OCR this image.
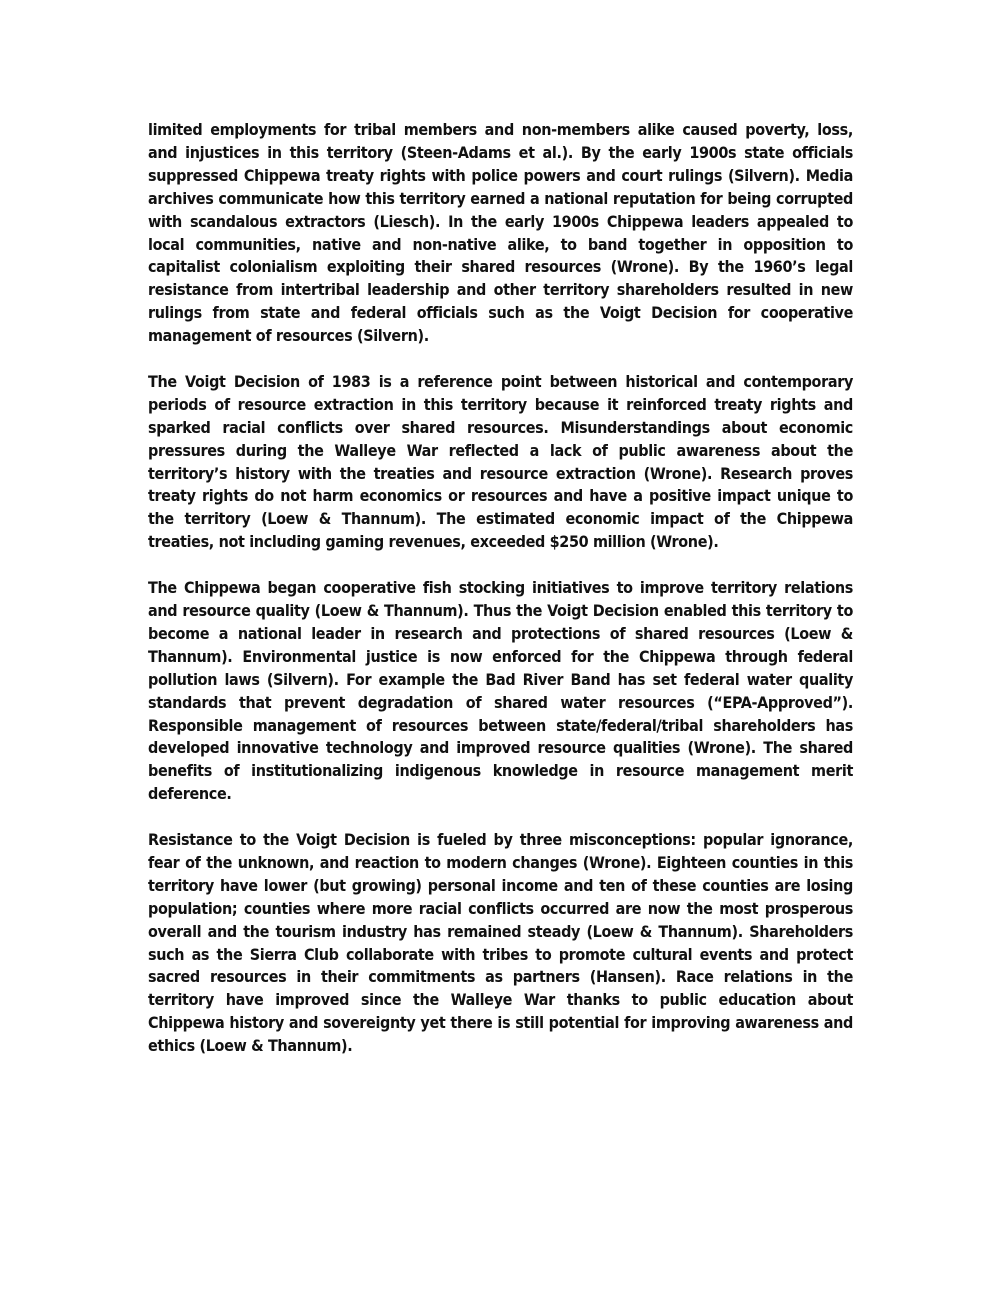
limited employments for tribal members and non-members alike caused poverty, loss, and injustices in this territory (Steen-Adams et al.). By the early 1900s state officials suppressed Chippewa treaty rights with police powers and court rulings (Silvern). Media archives communicate how this territory earned a national reputation for being corrupted with scandalous extractors (Liesch). In the early 1900s Chippewa leaders appealed to local communities, native and non-native alike, to band together in opposition to capitalist colonialism exploiting their shared resources (Wrone). By the 1960’s legal resistance from intertribal leadership and other territory shareholders resulted in new rulings from state and federal officials such as the Voigt Decision for cooperative management of resources (Silvern).

The Voigt Decision of 1983 is a reference point between historical and contemporary periods of resource extraction in this territory because it reinforced treaty rights and sparked racial conflicts over shared resources. Misunderstandings about economic pressures during the Walleye War reflected a lack of public awareness about the territory’s history with the treaties and resource extraction (Wrone). Research proves treaty rights do not harm economics or resources and have a positive impact unique to the territory (Loew & Thannum). The estimated economic impact of the Chippewa treaties, not including gaming revenues, exceeded $250 million (Wrone).

The Chippewa began cooperative fish stocking initiatives to improve territory relations and resource quality (Loew & Thannum). Thus the Voigt Decision enabled this territory to become a national leader in research and protections of shared resources (Loew & Thannum). Environmental justice is now enforced for the Chippewa through federal pollution laws (Silvern). For example the Bad River Band has set federal water quality standards that prevent degradation of shared water resources (“EPA-Approved”). Responsible management of resources between state/federal/tribal shareholders has developed innovative technology and improved resource qualities (Wrone). The shared benefits of institutionalizing indigenous knowledge in resource management merit deference.

Resistance to the Voigt Decision is fueled by three misconceptions: popular ignorance, fear of the unknown, and reaction to modern changes (Wrone). Eighteen counties in this territory have lower (but growing) personal income and ten of these counties are losing population; counties where more racial conflicts occurred are now the most prosperous overall and the tourism industry has remained steady (Loew & Thannum). Shareholders such as the Sierra Club collaborate with tribes to promote cultural events and protect sacred resources in their commitments as partners (Hansen). Race relations in the territory have improved since the Walleye War thanks to public education about Chippewa history and sovereignty yet there is still potential for improving awareness and ethics (Loew & Thannum).
